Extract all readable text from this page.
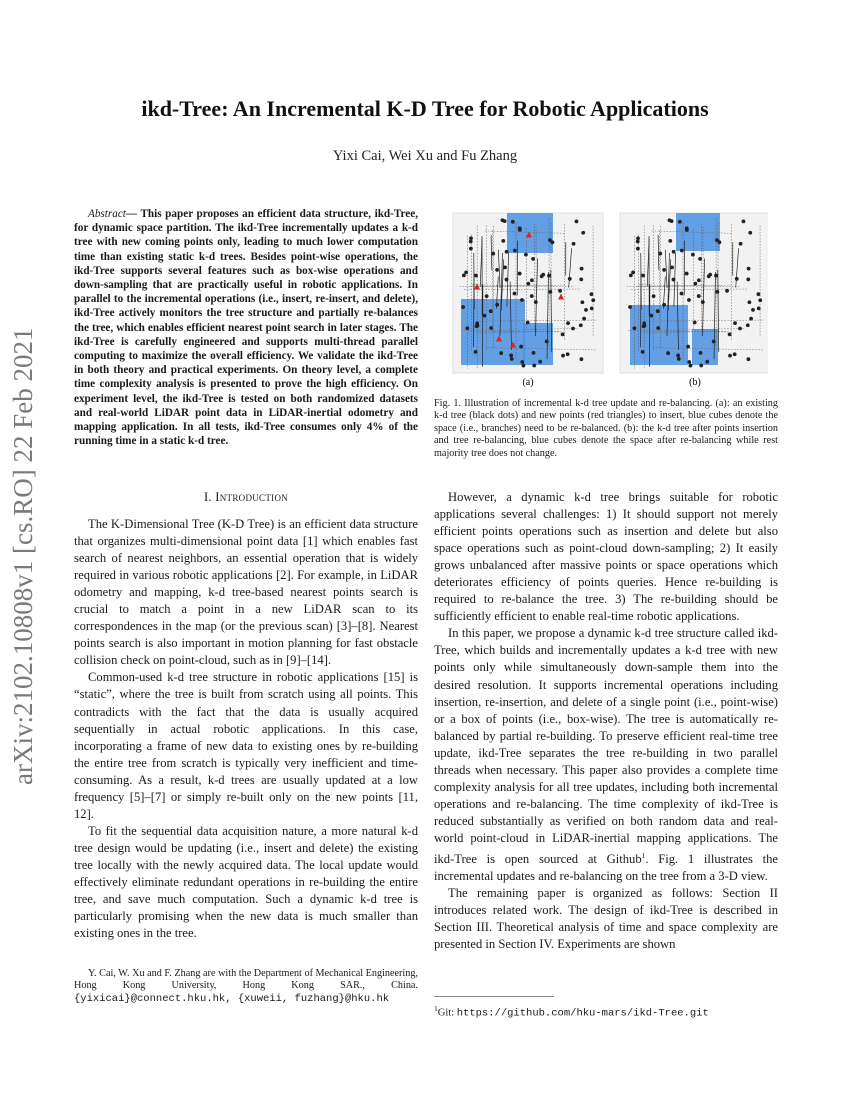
arXiv:2102.10808v1 [cs.RO] 22 Feb 2021
ikd-Tree: An Incremental K-D Tree for Robotic Applications
Yixi Cai, Wei Xu and Fu Zhang

Abstract— This paper proposes an efficient data structure, ikd-Tree, for dynamic space partition. The ikd-Tree incrementally updates a k-d tree with new coming points only, leading to much lower computation time than existing static k-d trees. Besides point-wise operations, the ikd-Tree supports several features such as box-wise operations and down-sampling that are practically useful in robotic applications. In parallel to the incremental operations (i.e., insert, re-insert, and delete), ikd-Tree actively monitors the tree structure and partially re-balances the tree, which enables efficient nearest point search in later stages. The ikd-Tree is carefully engineered and supports multi-thread parallel computing to maximize the overall efficiency. We validate the ikd-Tree in both theory and practical experiments. On theory level, a complete time complexity analysis is presented to prove the high efficiency. On experiment level, the ikd-Tree is tested on both randomized datasets and real-world LiDAR point data in LiDAR-inertial odometry and mapping application. In all tests, ikd-Tree consumes only 4% of the running time in a static k-d tree.

I. Introduction

The K-Dimensional Tree (K-D Tree) is an efficient data structure that organizes multi-dimensional point data [1] which enables fast search of nearest neighbors, an essential operation that is widely required in various robotic applications [2]. For example, in LiDAR odometry and mapping, k-d tree-based nearest points search is crucial to match a point in a new LiDAR scan to its correspondences in the map (or the previous scan) [3]–[8]. Nearest points search is also important in motion planning for fast obstacle collision check on point-cloud, such as in [9]–[14].

Common-used k-d tree structure in robotic applications [15] is “static”, where the tree is built from scratch using all points. This contradicts with the fact that the data is usually acquired sequentially in actual robotic applications. In this case, incorporating a frame of new data to existing ones by re-building the entire tree from scratch is typically very inefficient and time-consuming. As a result, k-d trees are usually updated at a low frequency [5]–[7] or simply re-built only on the new points [11, 12].

To fit the sequential data acquisition nature, a more natural k-d tree design would be updating (i.e., insert and delete) the existing tree locally with the newly acquired data. The local update would effectively eliminate redundant operations in re-building the entire tree, and save much computation. Such a dynamic k-d tree is particularly promising when the new data is much smaller than existing ones in the tree.

Y. Cai, W. Xu and F. Zhang are with the Department of Mechanical Engineering, Hong Kong University, Hong Kong SAR., China. {yixicai}@connect.hku.hk, {xuweii, fuzhang}@hku.hk
(a)	(b)
Fig. 1. Illustration of incremental k-d tree update and re-balancing. (a): an existing k-d tree (black dots) and new points (red triangles) to insert, blue cubes denote the space (i.e., branches) need to be re-balanced. (b): the k-d tree after points insertion and tree re-balancing, blue cubes denote the space after re-balancing while rest majority tree does not change.

However, a dynamic k-d tree brings suitable for robotic applications several challenges: 1) It should support not merely efficient points operations such as insertion and delete but also space operations such as point-cloud down-sampling; 2) It easily grows unbalanced after massive points or space operations which deteriorates efficiency of points queries. Hence re-building is required to re-balance the tree. 3) The re-building should be sufficiently efficient to enable real-time robotic applications.

In this paper, we propose a dynamic k-d tree structure called ikd-Tree, which builds and incrementally updates a k-d tree with new points only while simultaneously down-sample them into the desired resolution. It supports incremental operations including insertion, re-insertion, and delete of a single point (i.e., point-wise) or a box of points (i.e., box-wise). The tree is automatically re-balanced by partial re-building. To preserve efficient real-time tree update, ikd-Tree separates the tree re-building in two parallel threads when necessary. This paper also provides a complete time complexity analysis for all tree updates, including both incremental operations and re-balancing. The time complexity of ikd-Tree is reduced substantially as verified on both random data and real-world point-cloud in LiDAR-inertial mapping applications. The ikd-Tree is open sourced at Github$^1$. Fig. 1 illustrates the incremental updates and re-balancing on the tree from a 3-D view.

The remaining paper is organized as follows: Section II introduces related work. The design of ikd-Tree is described in Section III. Theoretical analysis of time and space complexity are presented in Section IV. Experiments are shown

$^1$Git: https://github.com/hku-mars/ikd-Tree.git
